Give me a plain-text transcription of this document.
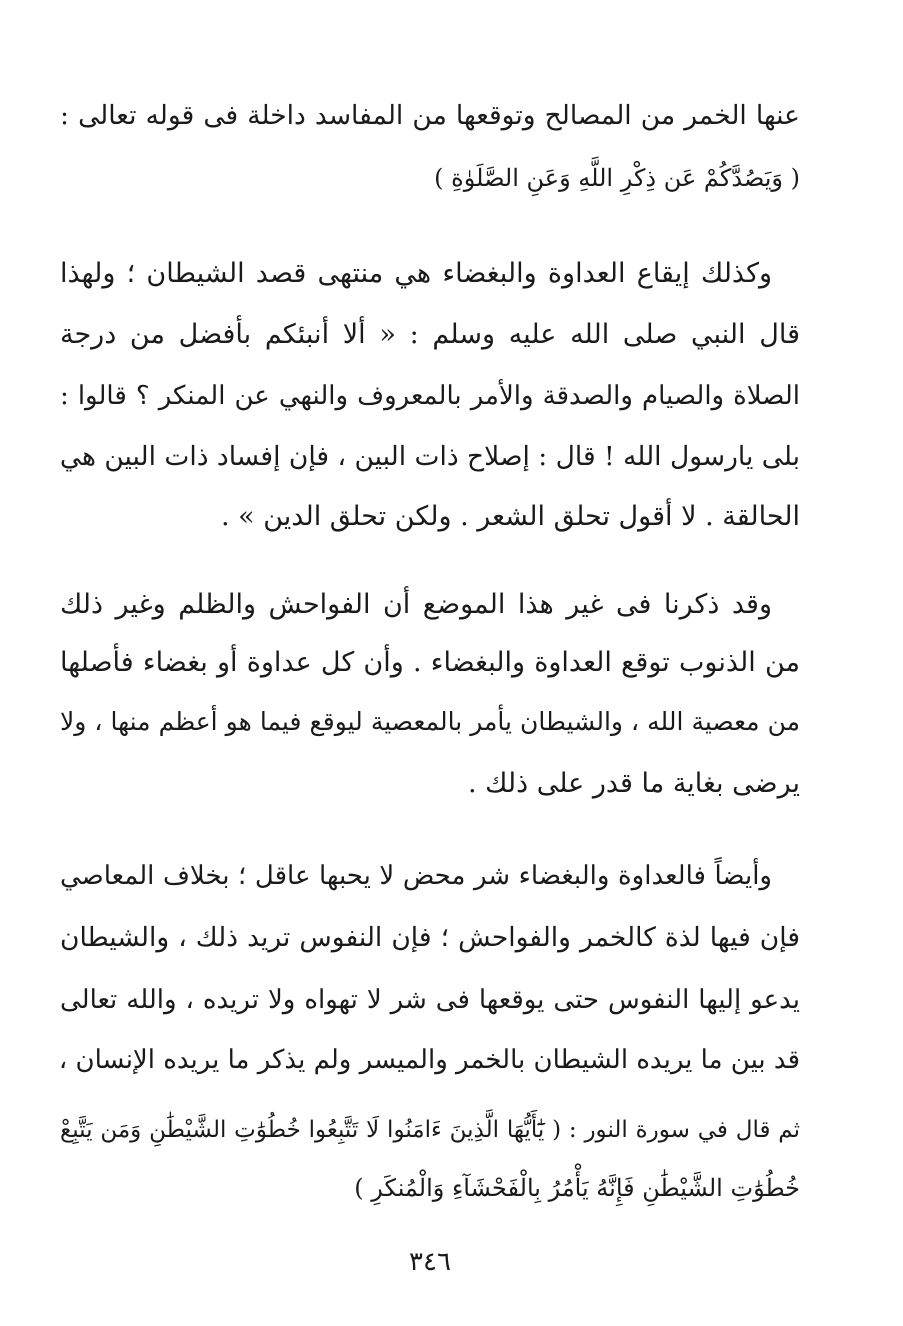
عنها الخمر من المصالح وتوقعها من المفاسد داخلة فى قوله تعالى :
( وَيَصُدَّكُمْ عَن ذِكْرِ اللَّهِ وَعَنِ الصَّلَوٰةِ )
وكذلك إيقاع العداوة والبغضاء هي منتهى قصد الشيطان ؛ ولهذا
قال النبي صلى الله عليه وسلم : « ألا أنبئكم بأفضل من درجة
الصلاة والصيام والصدقة والأمر بالمعروف والنهي عن المنكر ؟ قالوا :
بلى يارسول الله ! قال : إصلاح ذات البين ، فإن إفساد ذات البين هي
الحالقة . لا أقول تحلق الشعر . ولكن تحلق الدين » .
وقد ذكرنا فى غير هذا الموضع أن الفواحش والظلم وغير ذلك
من الذنوب توقع العداوة والبغضاء . وأن كل عداوة أو بغضاء فأصلها
من معصية الله ، والشيطان يأمر بالمعصية ليوقع فيما هو أعظم منها ، ولا
يرضى بغاية ما قدر على ذلك .
وأيضاً فالعداوة والبغضاء شر محض لا يحبها عاقل ؛ بخلاف المعاصي
فإن فيها لذة كالخمر والفواحش ؛ فإن النفوس تريد ذلك ، والشيطان
يدعو إليها النفوس حتى يوقعها فى شر لا تهواه ولا تريده ، والله تعالى
قد بين ما يريده الشيطان بالخمر والميسر ولم يذكر ما يريده الإنسان ،
ثم قال في سورة النور : ( يَٰٓأَيُّهَا الَّذِينَ ءَامَنُوا لَا تَتَّبِعُوا خُطُوَٰتِ الشَّيْطَٰنِ وَمَن يَتَّبِعْ
خُطُوَٰتِ الشَّيْطَٰنِ فَإِنَّهُ يَأْمُرُ بِالْفَحْشَآءِ وَالْمُنكَرِ )
٣٤٦
